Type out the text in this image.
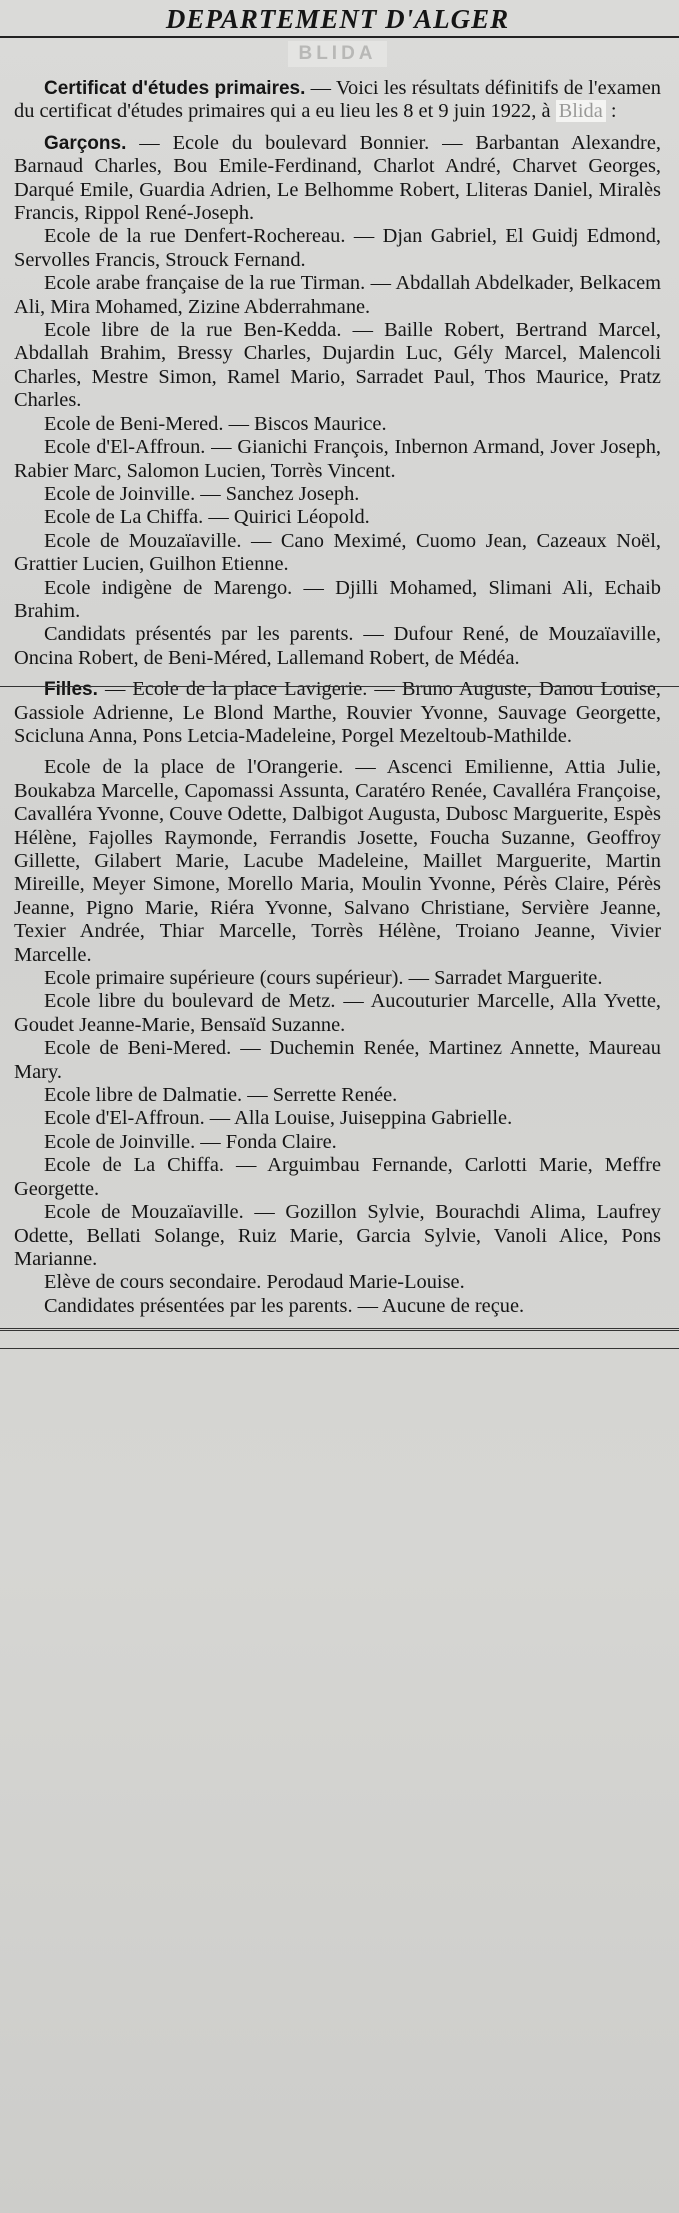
DEPARTEMENT D'ALGER
BLIDA

Certificat d'études primaires. — Voici les résultats définitifs de l'examen du certificat d'études primaires qui a eu lieu les 8 et 9 juin 1922, à Blida :

Garçons. — Ecole du boulevard Bonnier. — Barbantan Alexandre, Barnaud Charles, Bou Emile-Ferdinand, Charlot André, Charvet Georges, Darqué Emile, Guardia Adrien, Le Belhomme Robert, Lliteras Daniel, Miralès Francis, Rippol René-Joseph.

Ecole de la rue Denfert-Rochereau. — Djan Gabriel, El Guidj Edmond, Servolles Francis, Strouck Fernand.

Ecole arabe française de la rue Tirman. — Abdallah Abdelkader, Belkacem Ali, Mira Mohamed, Zizine Abderrahmane.

Ecole libre de la rue Ben-Kedda. — Baille Robert, Bertrand Marcel, Abdallah Brahim, Bressy Charles, Dujardin Luc, Gély Marcel, Malencoli Charles, Mestre Simon, Ramel Mario, Sarradet Paul, Thos Maurice, Pratz Charles.

Ecole de Beni-Mered. — Biscos Maurice.

Ecole d'El-Affroun. — Gianichi François, Inbernon Armand, Jover Joseph, Rabier Marc, Salomon Lucien, Torrès Vincent.

Ecole de Joinville. — Sanchez Joseph.

Ecole de La Chiffa. — Quirici Léopold.

Ecole de Mouzaïaville. — Cano Meximé, Cuomo Jean, Cazeaux Noël, Grattier Lucien, Guilhon Etienne.

Ecole indigène de Marengo. — Djilli Mohamed, Slimani Ali, Echaib Brahim.

Candidats présentés par les parents. — Dufour René, de Mouzaïaville, Oncina Robert, de Beni-Méred, Lallemand Robert, de Médéa.

Filles. — Ecole de la place Lavigerie. — Bruno Auguste, Danou Louise, Gassiole Adrienne, Le Blond Marthe, Rouvier Yvonne, Sauvage Georgette, Scicluna Anna, Pons Letcia-Madeleine, Porgel Mezeltoub-Mathilde.

Ecole de la place de l'Orangerie. — Ascenci Emilienne, Attia Julie, Boukabza Marcelle, Capomassi Assunta, Caratéro Renée, Cavalléra Françoise, Cavalléra Yvonne, Couve Odette, Dalbigot Augusta, Dubosc Marguerite, Espès Hélène, Fajolles Raymonde, Ferrandis Josette, Foucha Suzanne, Geoffroy Gillette, Gilabert Marie, Lacube Madeleine, Maillet Marguerite, Martin Mireille, Meyer Simone, Morello Maria, Moulin Yvonne, Pérès Claire, Pérès Jeanne, Pigno Marie, Riéra Yvonne, Salvano Christiane, Servière Jeanne, Texier Andrée, Thiar Marcelle, Torrès Hélène, Troiano Jeanne, Vivier Marcelle.

Ecole primaire supérieure (cours supérieur). — Sarradet Marguerite.

Ecole libre du boulevard de Metz. — Aucouturier Marcelle, Alla Yvette, Goudet Jeanne-Marie, Bensaïd Suzanne.

Ecole de Beni-Mered. — Duchemin Renée, Martinez Annette, Maureau Mary.

Ecole libre de Dalmatie. — Serrette Renée.

Ecole d'El-Affroun. — Alla Louise, Juiseppina Gabrielle.

Ecole de Joinville. — Fonda Claire.

Ecole de La Chiffa. — Arguimbau Fernande, Carlotti Marie, Meffre Georgette.

Ecole de Mouzaïaville. — Gozillon Sylvie, Bourachdi Alima, Laufrey Odette, Bellati Solange, Ruiz Marie, Garcia Sylvie, Vanoli Alice, Pons Marianne.

Elève de cours secondaire. Perodaud Marie-Louise.

Candidates présentées par les parents. — Aucune de reçue.
